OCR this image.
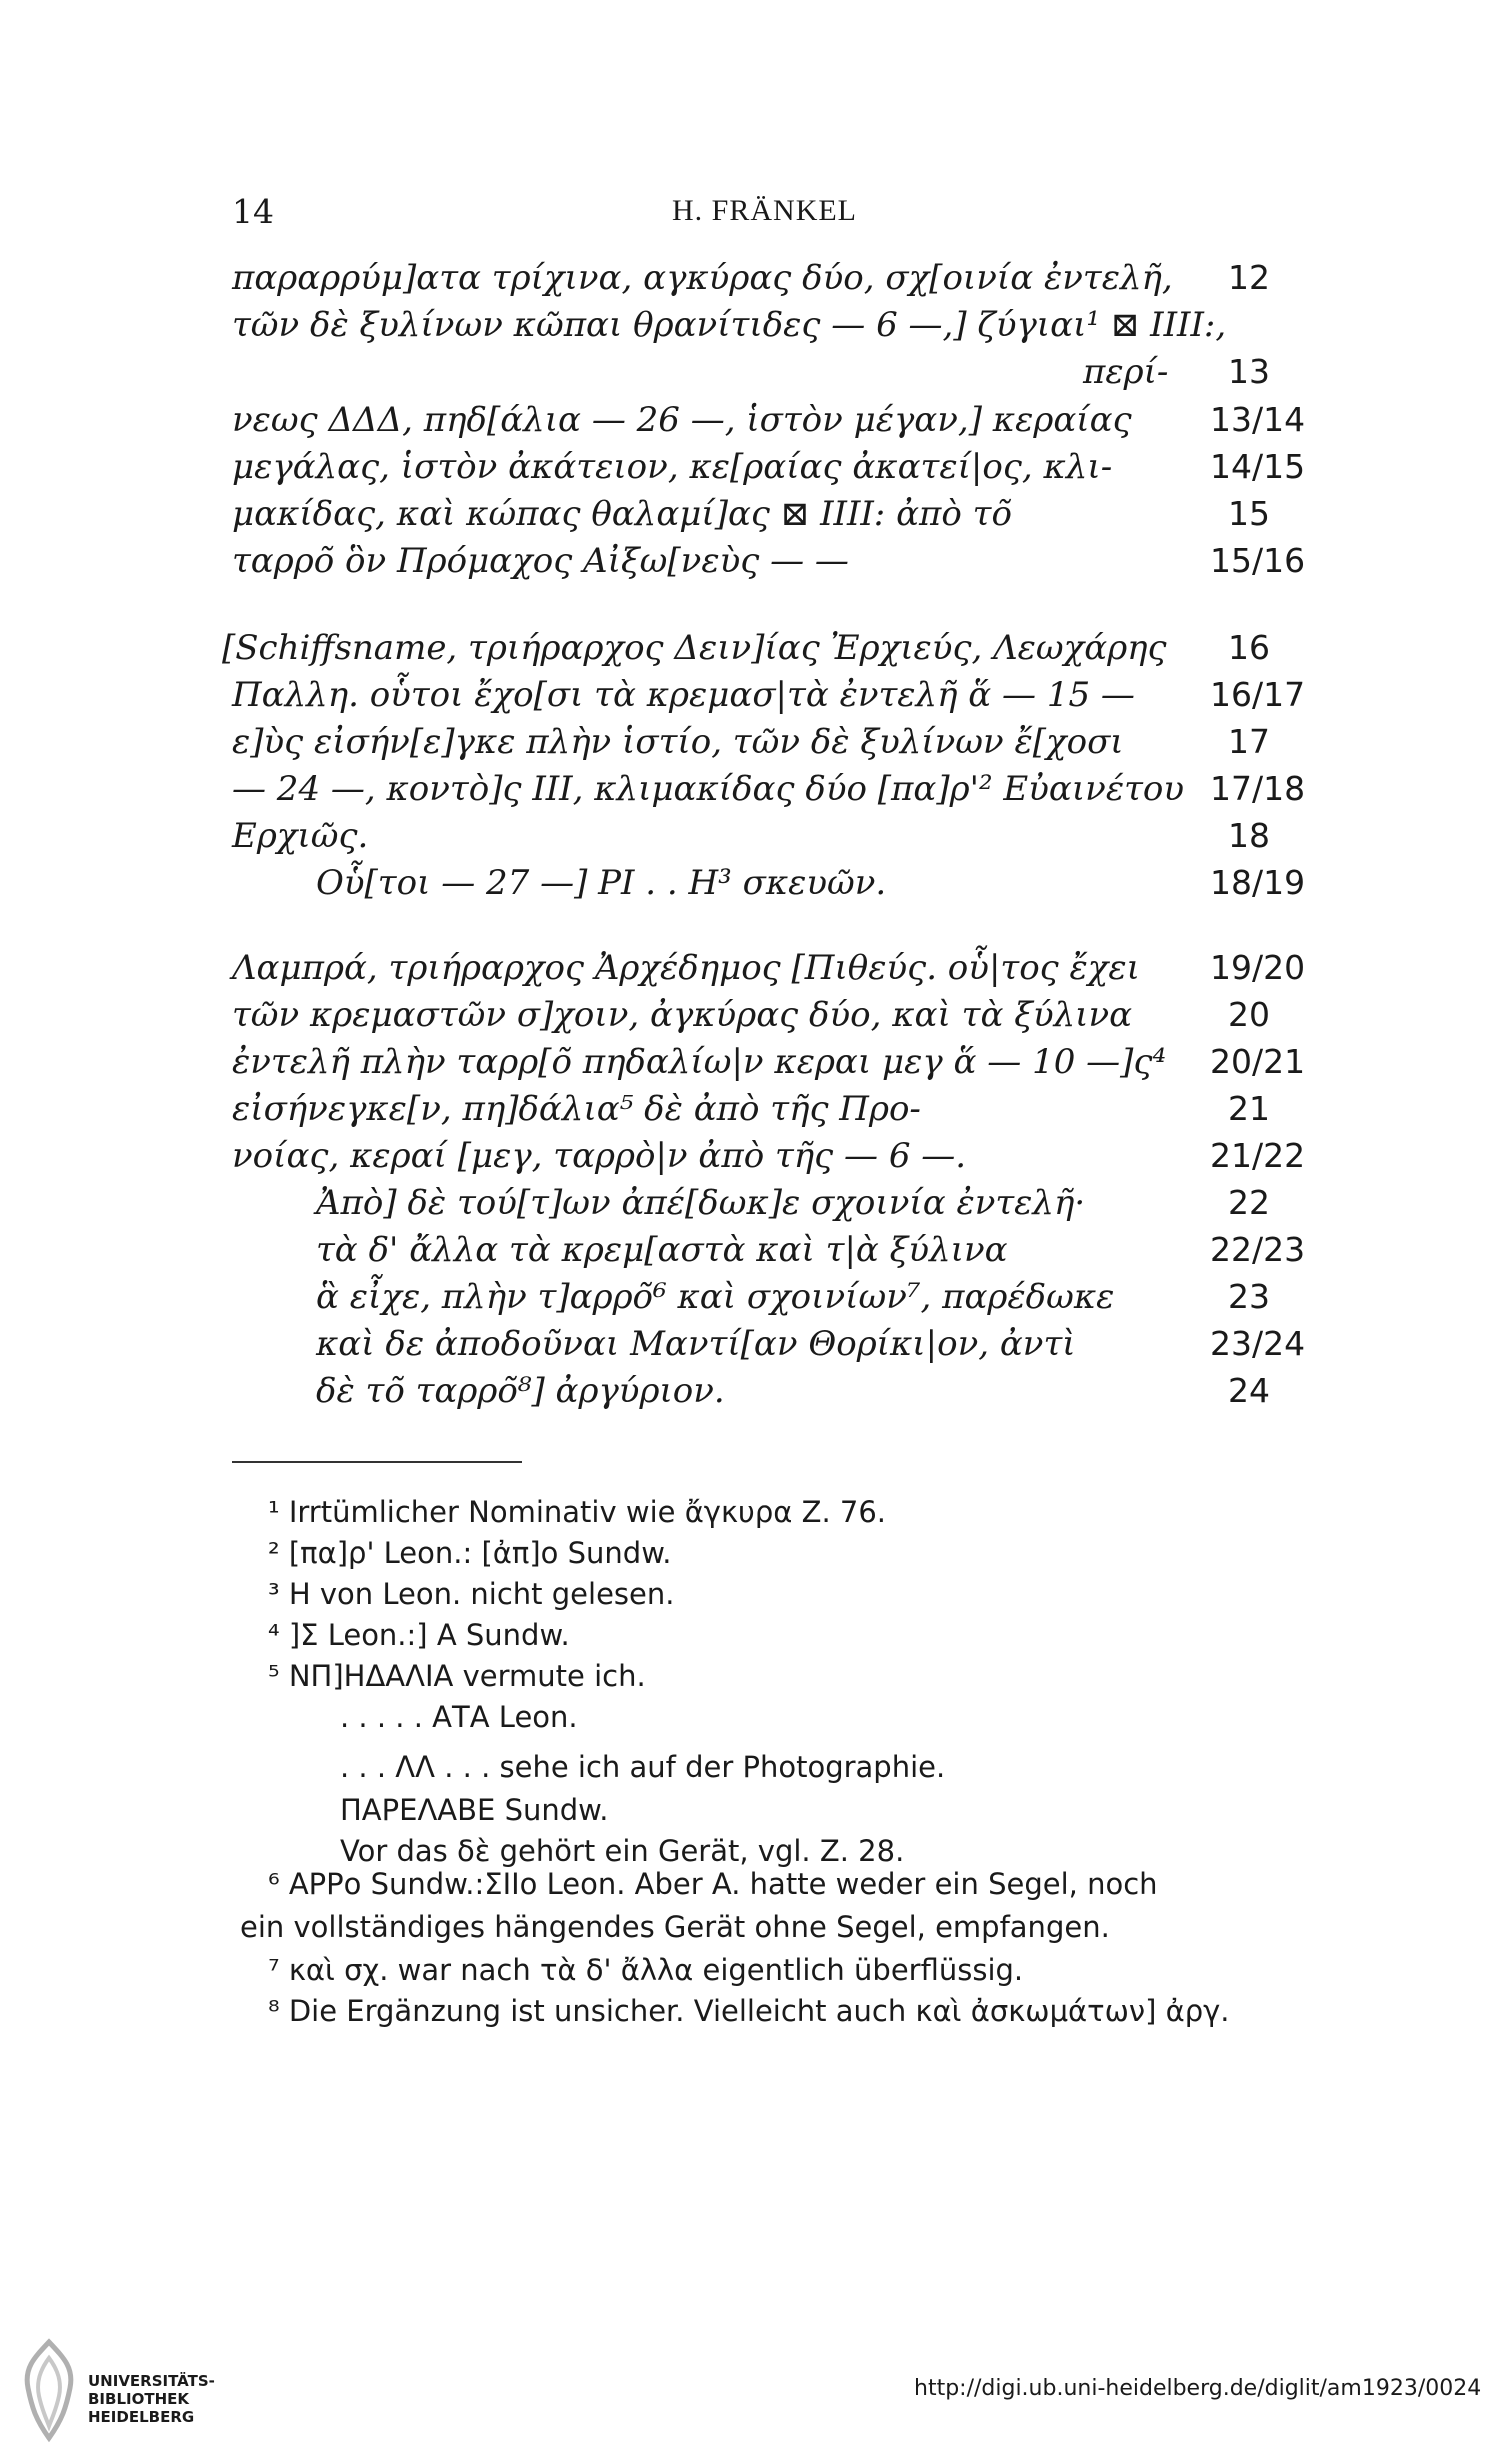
14	H. FRÄNKEL
παραρρύμ]ατα τρίχινα, αγκύρας δύο, σχ[οινία ἐντελῆ, 12
τῶν δὲ ξυλίνων κῶπαι θρανίτιδες — 6 —,] ζύγιαι¹ ⊠ IIII:,
περί- 13
νεως ΔΔΔ, πηδ[άλια — 26 —, ἱστὸν μέγαν,] κεραίας 13/14
μεγάλας, ἱστὸν ἀκάτειον, κε[ραίας ἀκατεί|ος, κλι-	14/15
μακίδας, καὶ κώπας θαλαμί]ας ⊠ IIII: ἀπὸ τõ	15
ταρρõ ὃν Πρόμαχος Αἰξω[νεὺς — —	15/16
[Schiffsname, τριήραρχος Δειν]ίας Ἐρχιεύς, Λεωχάρης 16
Παλλη. οὗτοι ἔχο[σι τὰ κρεμασ|τὰ ἐντελῆ ἅ — 15 — 16/17
ε]ὺς εἰσήν[ε]γκε πλὴν ἱστίο, τῶν δὲ ξυλίνων ἔ[χοσι	17
— 24 —, κοντὸ]ς III, κλιμακίδας δύο [πα]ρ'² Εὐαινέτου 17/18
Ερχιῶς.	18
Οὗ[τοι — 27 —] PI . . H³ σκευῶν.	18/19
Λαμπρά, τριήραρχος Ἀρχέδημος [Πιθεύς. οὗ|τος ἔχει 19/20
τῶν κρεμαστῶν σ]χοιν, ἀγκύρας δύο, καὶ τὰ ξύλινα	20
ἐντελῆ πλὴν ταρρ[õ πηδαλίω|ν κεραι μεγ ἅ — 10 —]ς⁴ 20/21
εἰσήνεγκε[ν, πη]δάλια⁵ δὲ ἀπὸ τῆς Προ-	21
νοίας, κεραί [μεγ, ταρρὸ|ν ἀπὸ τῆς — 6 —.	21/22
Ἀπὸ] δὲ τού[τ]ων ἀπέ[δωκ]ε σχοινία ἐντελῆ·	22
τὰ δ' ἄλλα τὰ κρεμ[αστὰ καὶ τ|ὰ ξύλινα	22/23
ἃ εἶχε, πλὴν τ]αρρõ⁶ καὶ σχοινίων⁷, παρέδωκε	23
καὶ δε ἀποδοῦναι Μαντί[αν Θορίκι|ον, ἀντὶ	23/24
δὲ τõ ταρρõ⁸] ἀργύριον.	24
¹ Irrtümlicher Nominativ wie ἄγκυρα Z. 76.
² [πα]ρ' Leon.: [ἀπ]ο Sundw.
³ H von Leon. nicht gelesen.
⁴ ]Σ Leon.:] A Sundw.
⁵ ΝΠ]ΗΔΑΛΙΑ vermute ich.
. . . . . ΑΤΑ Leon.
. . . ΛΛ . . . sehe ich auf der Photographie.
ΠΑΡΕΛΑΒΕ Sundw.
Vor das δὲ gehört ein Gerät, vgl. Z. 28.
⁶ ΑΡΡο Sundw.:ΣΙΙο Leon. Aber A. hatte weder ein Segel, noch
ein vollständiges hängendes Gerät ohne Segel, empfangen.
⁷ καὶ σχ. war nach τὰ δ' ἄλλα eigentlich überflüssig.
⁸ Die Ergänzung ist unsicher. Vielleicht auch καὶ ἀσκωμάτων] ἀργ.
UNIVERSITÄTS-
BIBLIOTHEK
HEIDELBERG
http://digi.ub.uni-heidelberg.de/diglit/am1923/0024
